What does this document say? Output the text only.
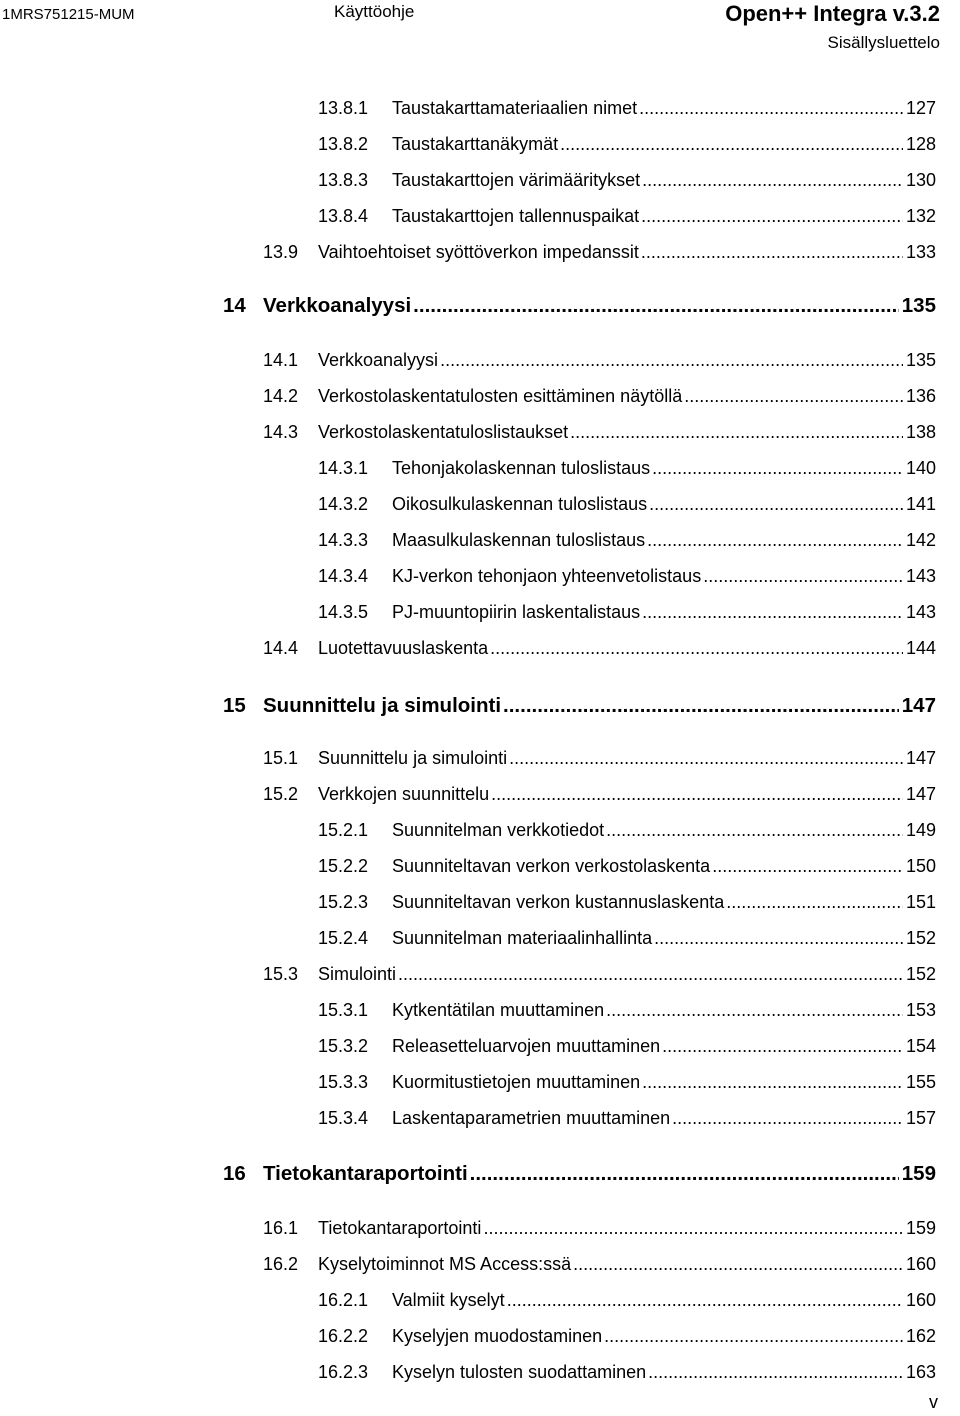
1MRS751215-MUM	Käyttöohje	Open++ Integra v.3.2
Sisällysluettelo
13.8.1 Taustakarttamateriaalien nimet .....	127
13.8.2 Taustakarttanäkymät .....	128
13.8.3 Taustakarttojen värimääritykset .....	130
13.8.4 Taustakarttojen tallennuspaikat .....	132
13.9 Vaihtoehtoiset syöttöverkon impedanssit .....	133
14 Verkkoanalyysi .....	135
14.1 Verkkoanalyysi .....	135
14.2 Verkostolaskentatulosten esittäminen näytöllä .....	136
14.3 Verkostolaskentatuloslistaukset .....	138
14.3.1 Tehonjakolaskennan tuloslistaus .....	140
14.3.2 Oikosulkulaskennan tuloslistaus .....	141
14.3.3 Maasulkulaskennan tuloslistaus .....	142
14.3.4 KJ-verkon tehonjaon yhteenvetolistaus .....	143
14.3.5 PJ-muuntopiirin laskentalistaus .....	143
14.4 Luotettavuuslaskenta .....	144
15 Suunnittelu ja simulointi .....	147
15.1 Suunnittelu ja simulointi .....	147
15.2 Verkkojen suunnittelu .....	147
15.2.1 Suunnitelman verkkotiedot .....	149
15.2.2 Suunniteltavan verkon verkostolaskenta .....	150
15.2.3 Suunniteltavan verkon kustannuslaskenta .....	151
15.2.4 Suunnitelman materiaalinhallinta .....	152
15.3 Simulointi .....	152
15.3.1 Kytkentätilan muuttaminen .....	153
15.3.2 Releasetteluarvojen muuttaminen .....	154
15.3.3 Kuormitustietojen muuttaminen .....	155
15.3.4 Laskentaparametrien muuttaminen .....	157
16 Tietokantaraportointi .....	159
16.1 Tietokantaraportointi .....	159
16.2 Kyselytoiminnot MS Access:ssä .....	160
16.2.1 Valmiit kyselyt .....	160
16.2.2 Kyselyjen muodostaminen .....	162
16.2.3 Kyselyn tulosten suodattaminen .....	163
v
